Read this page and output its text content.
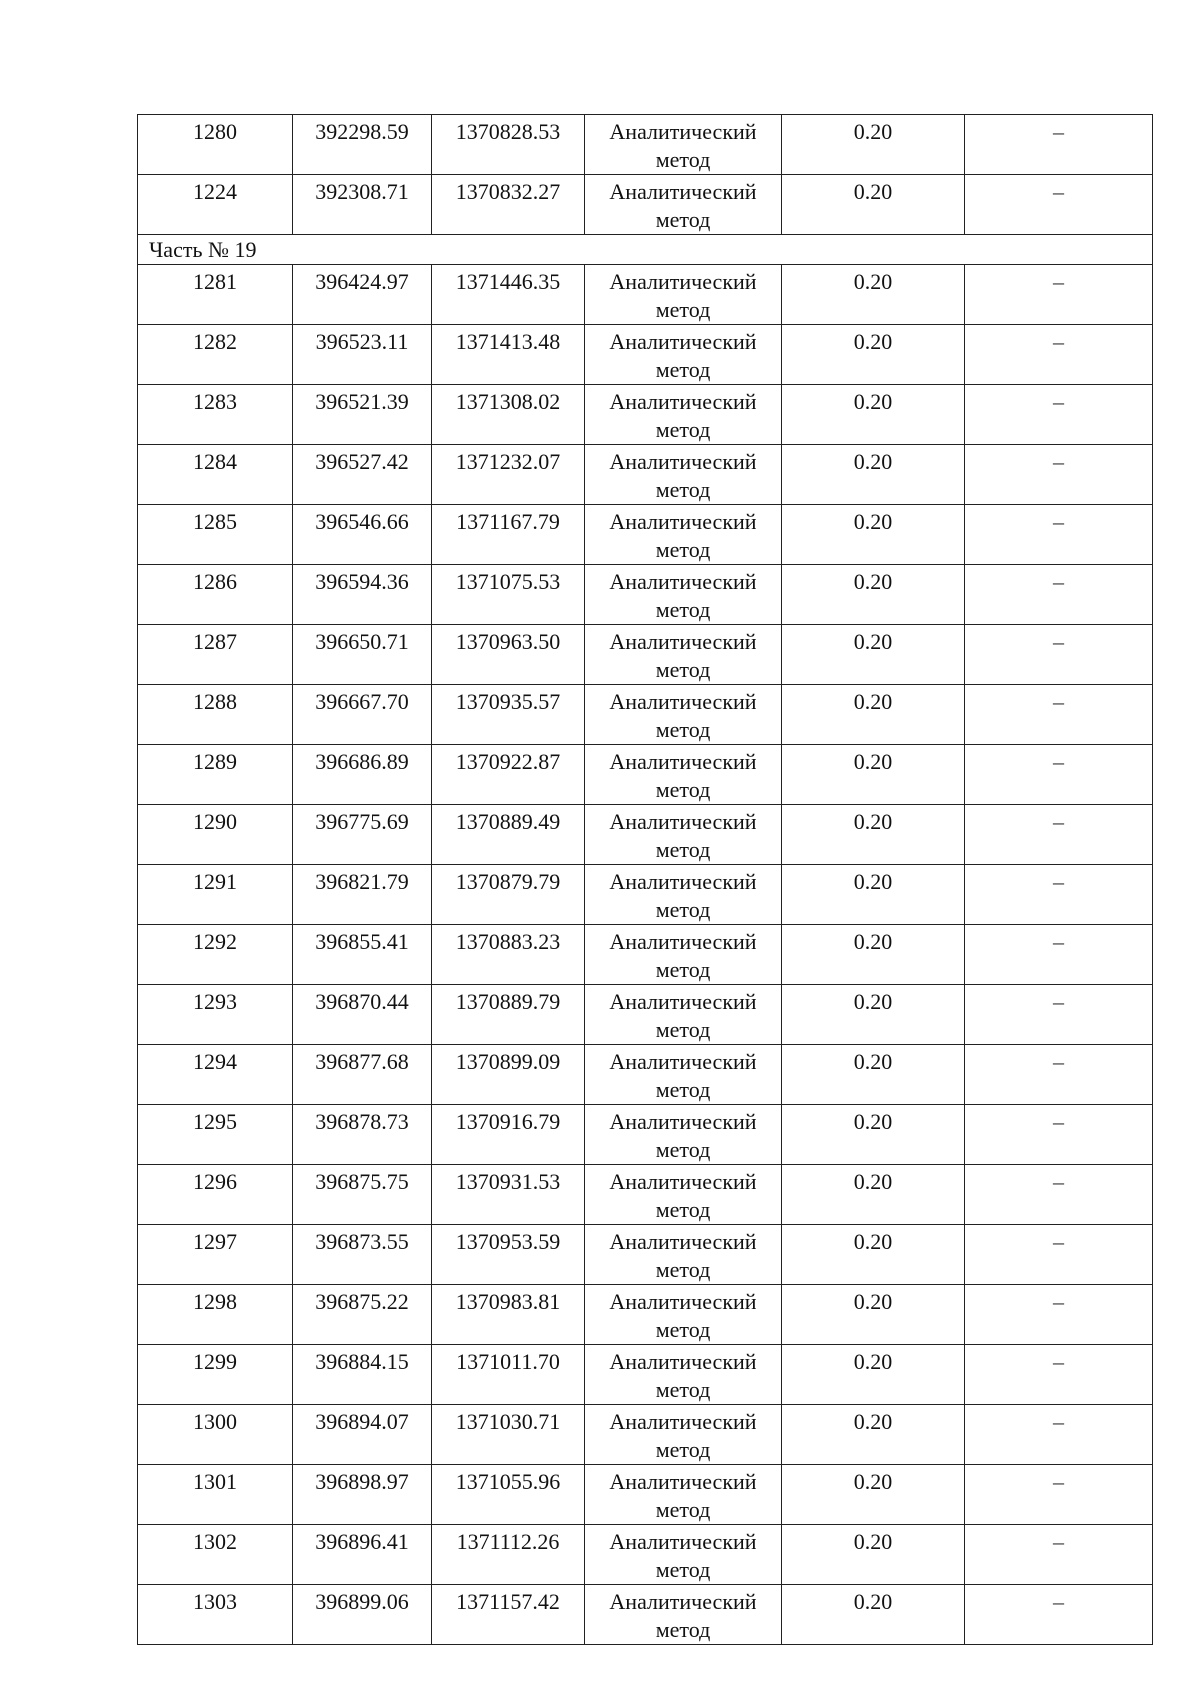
1280	392298.59	1370828.53	Аналитический метод	0.20	–

1224	392308.71	1370832.27	Аналитический метод	0.20	–

Часть № 19					

1281	396424.97	1371446.35	Аналитический метод	0.20	–

1282	396523.11	1371413.48	Аналитический метод	0.20	–

1283	396521.39	1371308.02	Аналитический метод	0.20	–

1284	396527.42	1371232.07	Аналитический метод	0.20	–

1285	396546.66	1371167.79	Аналитический метод	0.20	–

1286	396594.36	1371075.53	Аналитический метод	0.20	–

1287	396650.71	1370963.50	Аналитический метод	0.20	–

1288	396667.70	1370935.57	Аналитический метод	0.20	–

1289	396686.89	1370922.87	Аналитический метод	0.20	–

1290	396775.69	1370889.49	Аналитический метод	0.20	–

1291	396821.79	1370879.79	Аналитический метод	0.20	–

1292	396855.41	1370883.23	Аналитический метод	0.20	–

1293	396870.44	1370889.79	Аналитический метод	0.20	–

1294	396877.68	1370899.09	Аналитический метод	0.20	–

1295	396878.73	1370916.79	Аналитический метод	0.20	–

1296	396875.75	1370931.53	Аналитический метод	0.20	–

1297	396873.55	1370953.59	Аналитический метод	0.20	–

1298	396875.22	1370983.81	Аналитический метод	0.20	–

1299	396884.15	1371011.70	Аналитический метод	0.20	–

1300	396894.07	1371030.71	Аналитический метод	0.20	–

1301	396898.97	1371055.96	Аналитический метод	0.20	–

1302	396896.41	1371112.26	Аналитический метод	0.20	–

1303	396899.06	1371157.42	Аналитический метод	0.20	–
